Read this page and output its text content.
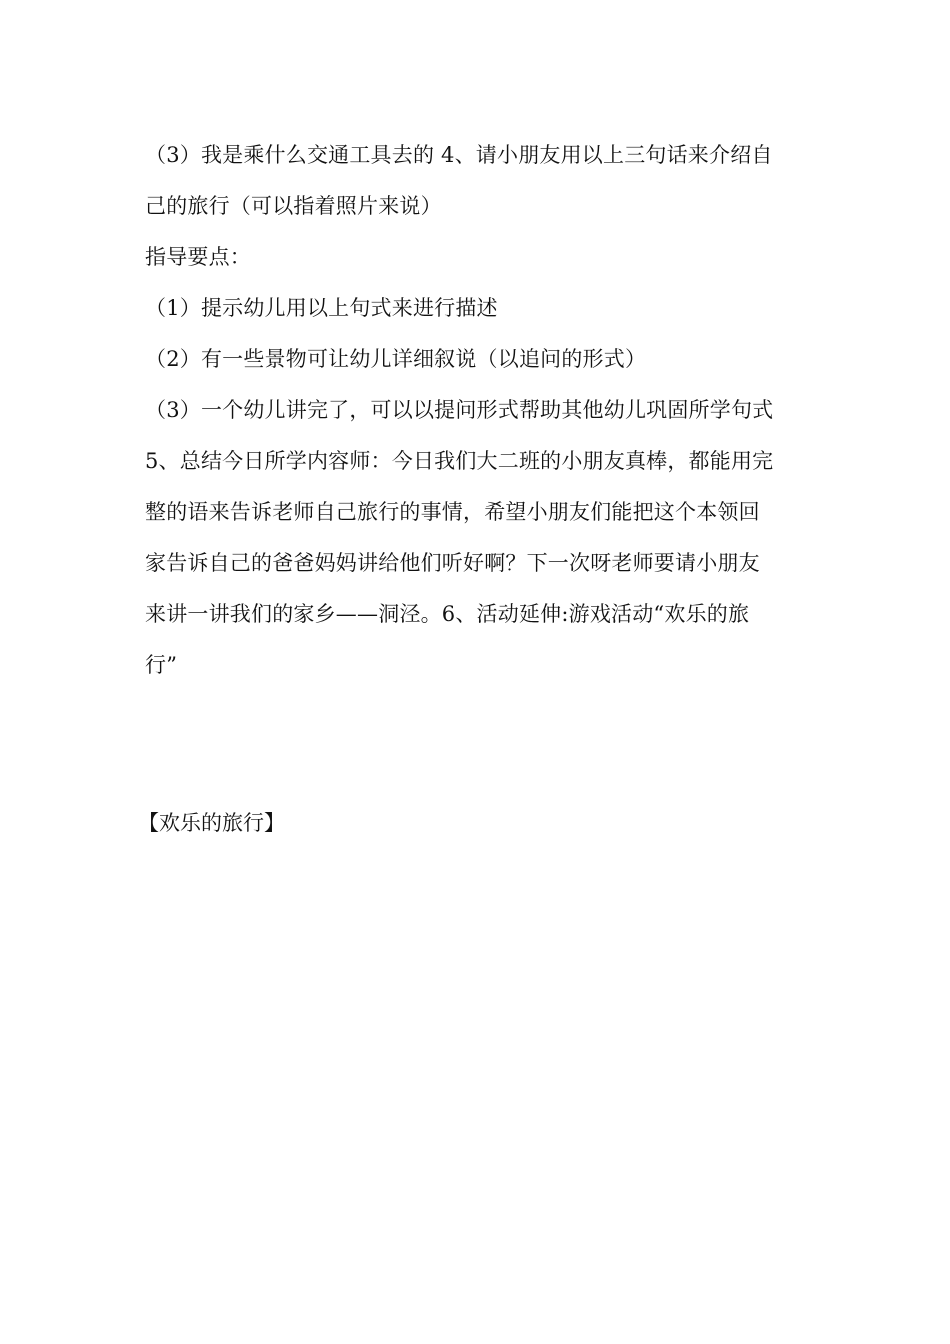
（3）我是乘什么交通工具去的 4、请小朋友用以上三句话来介绍自
己的旅行（可以指着照片来说）
指导要点：
（1）提示幼儿用以上句式来进行描述
（2）有一些景物可让幼儿详细叙说（以追问的形式）
（3）一个幼儿讲完了，可以以提问形式帮助其他幼儿巩固所学句式
5、总结今日所学内容师：今日我们大二班的小朋友真棒，都能用完
整的语来告诉老师自己旅行的事情，希望小朋友们能把这个本领回
家告诉自己的爸爸妈妈讲给他们听好啊？下一次呀老师要请小朋友
来讲一讲我们的家乡——洞泾。6、活动延伸:游戏活动“欢乐的旅
行”
【欢乐的旅行】
